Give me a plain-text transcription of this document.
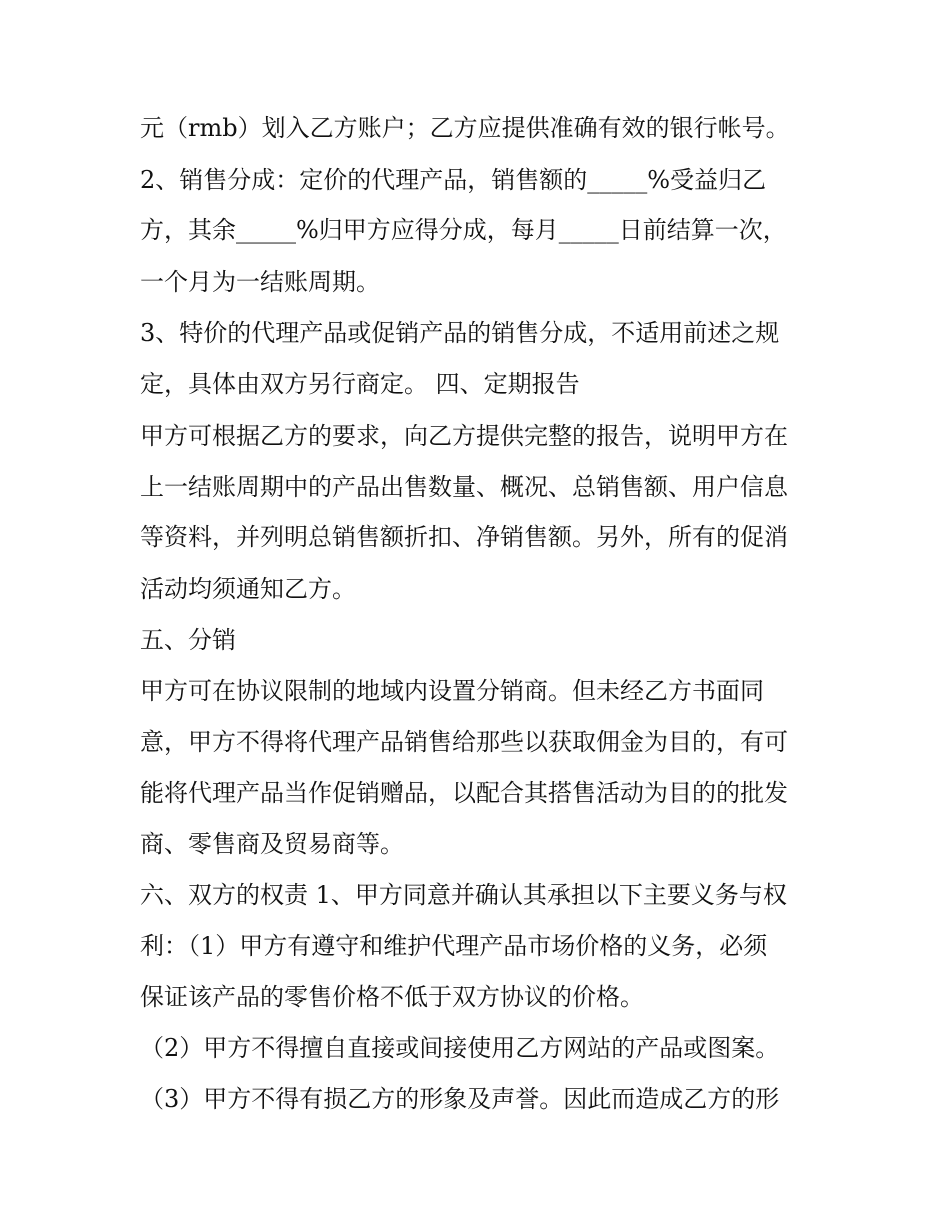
元（rmb）划入乙方账户；乙方应提供准确有效的银行帐号。

2、销售分成：定价的代理产品，销售额的_____%受益归乙

方，其余_____%归甲方应得分成，每月_____日前结算一次，

一个月为一结账周期。

3、特价的代理产品或促销产品的销售分成，不适用前述之规

定，具体由双方另行商定。 四、定期报告

甲方可根据乙方的要求，向乙方提供完整的报告，说明甲方在

上一结账周期中的产品出售数量、概况、总销售额、用户信息

等资料，并列明总销售额折扣、净销售额。另外，所有的促消

活动均须通知乙方。

五、分销

甲方可在协议限制的地域内设置分销商。但未经乙方书面同

意，甲方不得将代理产品销售给那些以获取佣金为目的，有可

能将代理产品当作促销赠品，以配合其搭售活动为目的的批发

商、零售商及贸易商等。

六、双方的权责 1、甲方同意并确认其承担以下主要义务与权

利：（1）甲方有遵守和维护代理产品市场价格的义务，必须

保证该产品的零售价格不低于双方协议的价格。

（2）甲方不得擅自直接或间接使用乙方网站的产品或图案。

（3）甲方不得有损乙方的形象及声誉。因此而造成乙方的形
